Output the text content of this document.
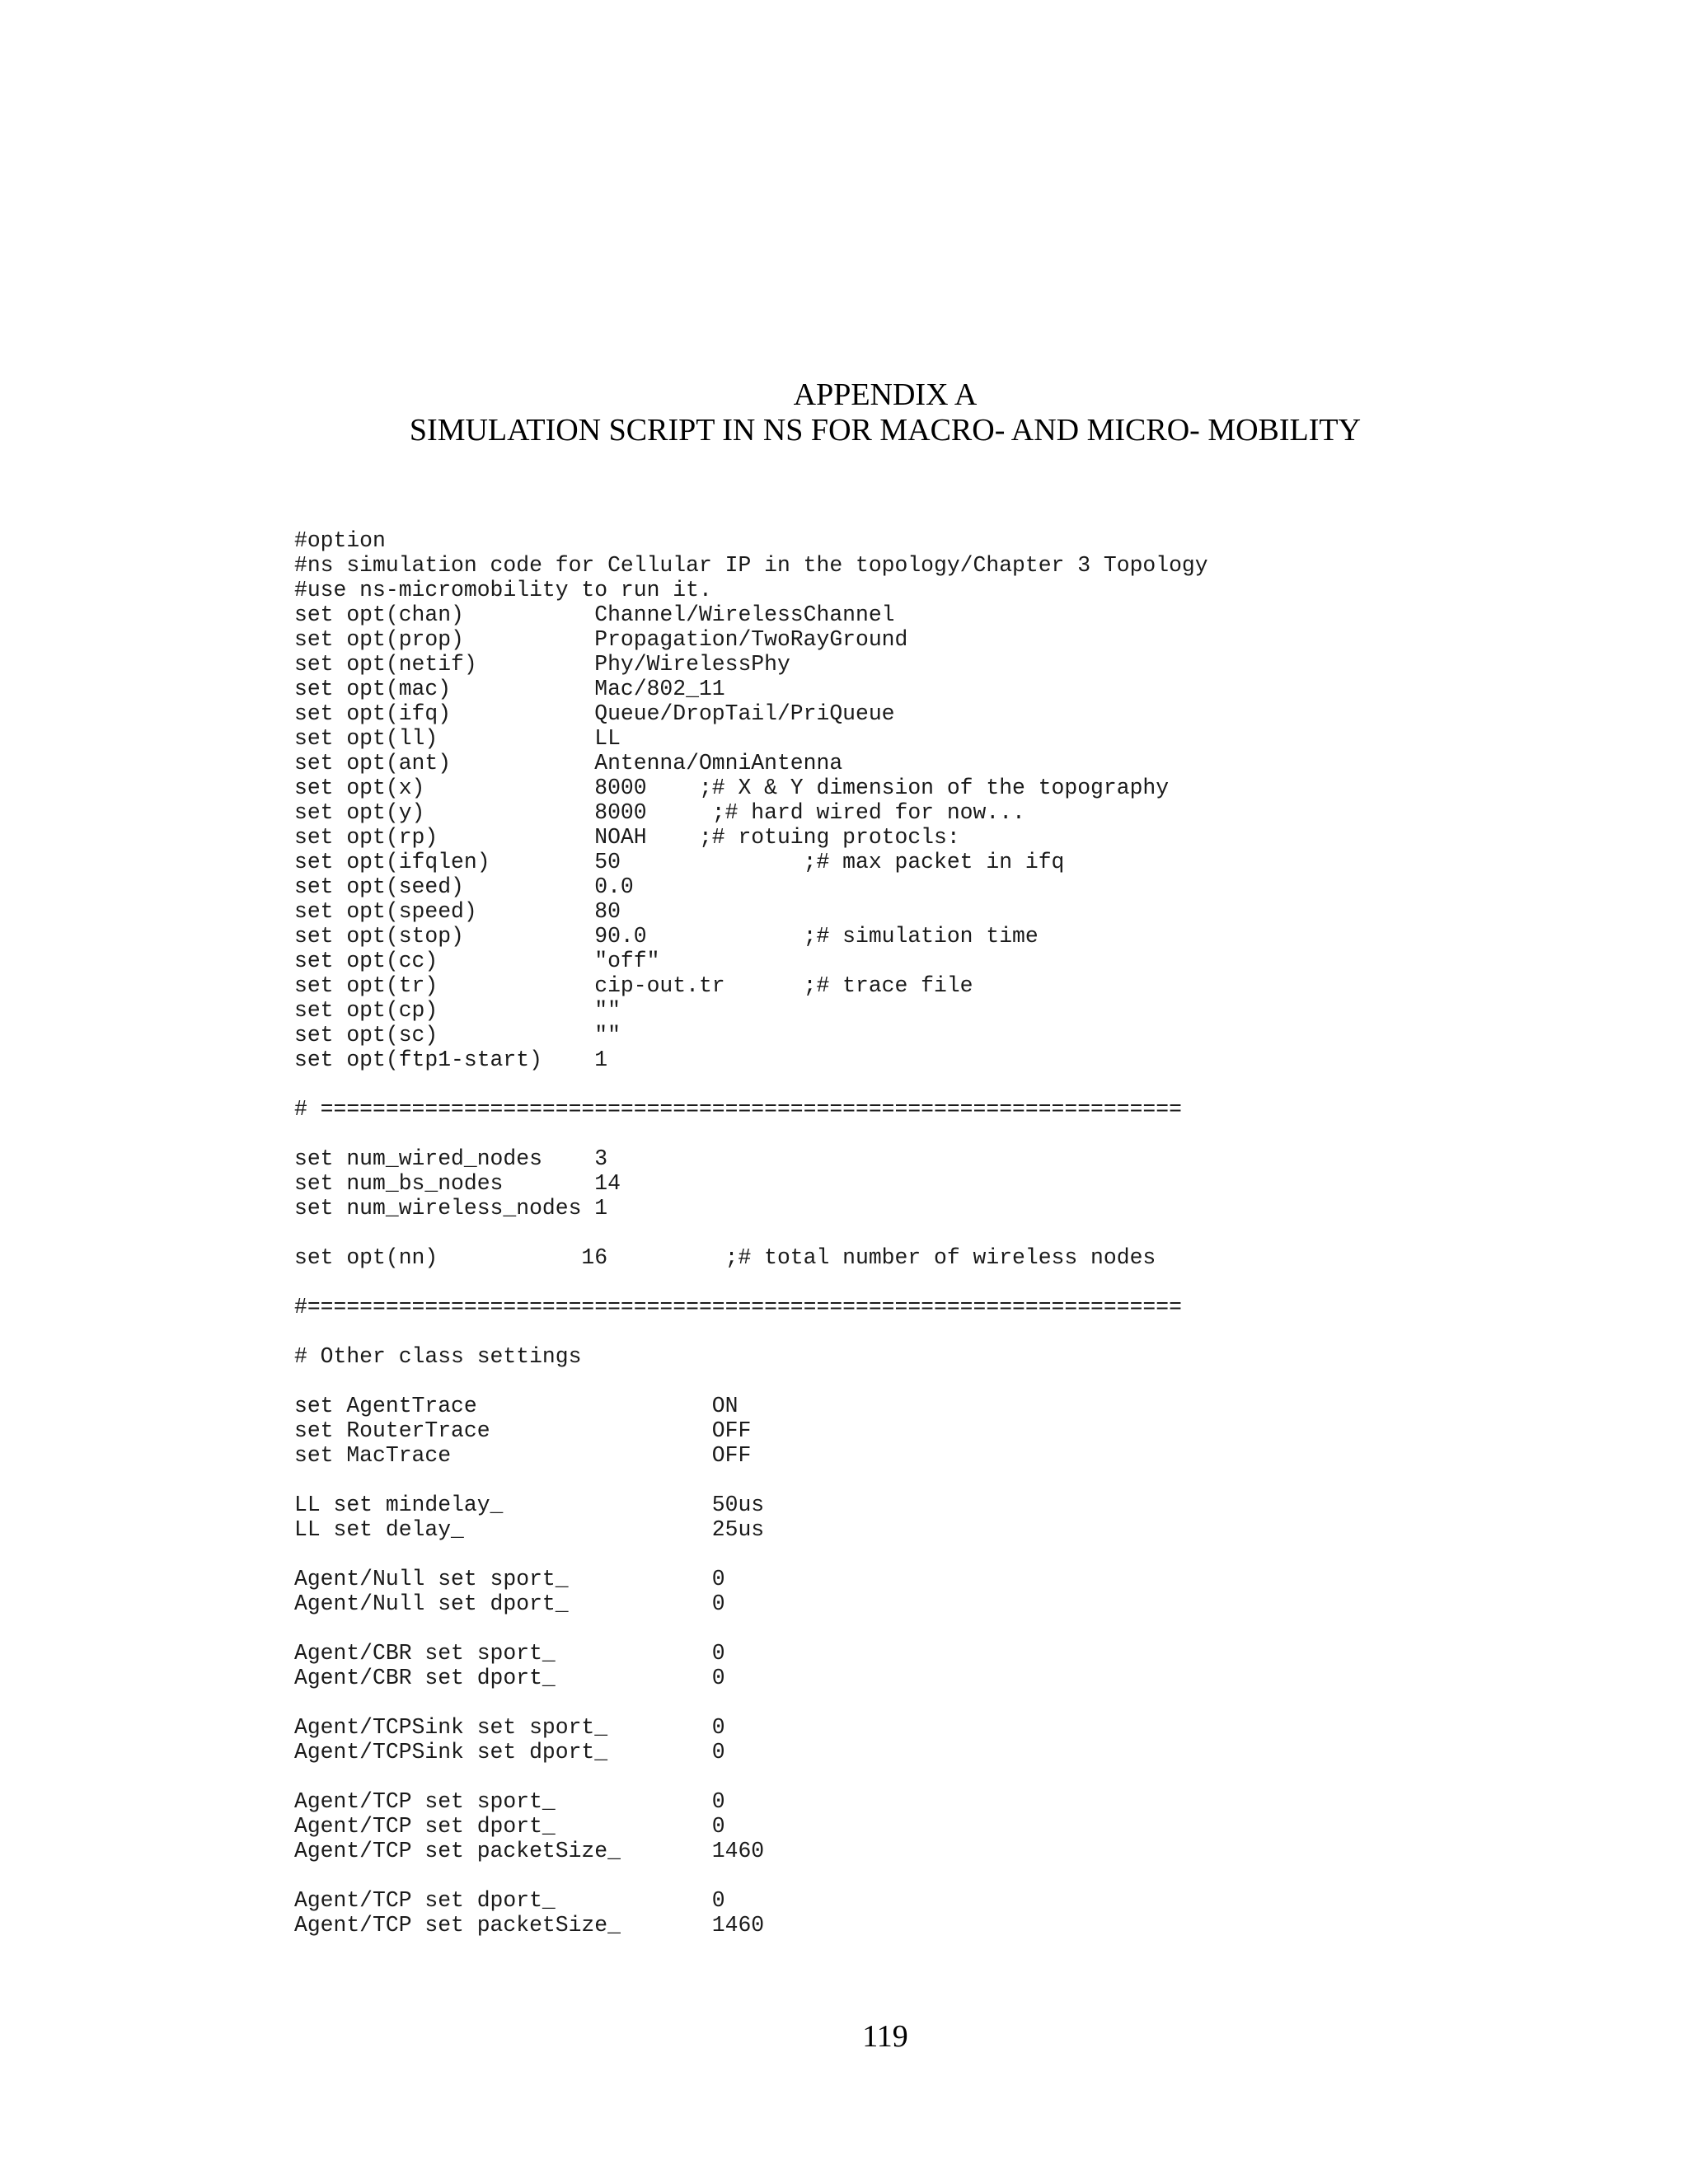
APPENDIX A
SIMULATION SCRIPT IN NS FOR MACRO- AND MICRO- MOBILITY
#option
#ns simulation code for Cellular IP in the topology/Chapter 3 Topology
#use ns-micromobility to run it.
set opt(chan)          Channel/WirelessChannel
set opt(prop)          Propagation/TwoRayGround
set opt(netif)         Phy/WirelessPhy
set opt(mac)           Mac/802_11
set opt(ifq)           Queue/DropTail/PriQueue
set opt(ll)            LL
set opt(ant)           Antenna/OmniAntenna
set opt(x)             8000    ;# X & Y dimension of the topography
set opt(y)             8000     ;# hard wired for now...
set opt(rp)            NOAH    ;# rotuing protocls:
set opt(ifqlen)        50              ;# max packet in ifq
set opt(seed)          0.0
set opt(speed)         80
set opt(stop)          90.0            ;# simulation time
set opt(cc)            "off"
set opt(tr)            cip-out.tr      ;# trace file
set opt(cp)            ""
set opt(sc)            ""
set opt(ftp1-start)    1
# ==================================================================
set num_wired_nodes    3
set num_bs_nodes       14
set num_wireless_nodes 1
set opt(nn)           16         ;# total number of wireless nodes
#===================================================================
# Other class settings
set AgentTrace                  ON
set RouterTrace                 OFF
set MacTrace                    OFF
LL set mindelay_                50us
LL set delay_                   25us
Agent/Null set sport_           0
Agent/Null set dport_           0
Agent/CBR set sport_            0
Agent/CBR set dport_            0
Agent/TCPSink set sport_        0
Agent/TCPSink set dport_        0
Agent/TCP set sport_            0
Agent/TCP set dport_            0
Agent/TCP set packetSize_       1460
Agent/TCP set dport_            0
Agent/TCP set packetSize_       1460
119
